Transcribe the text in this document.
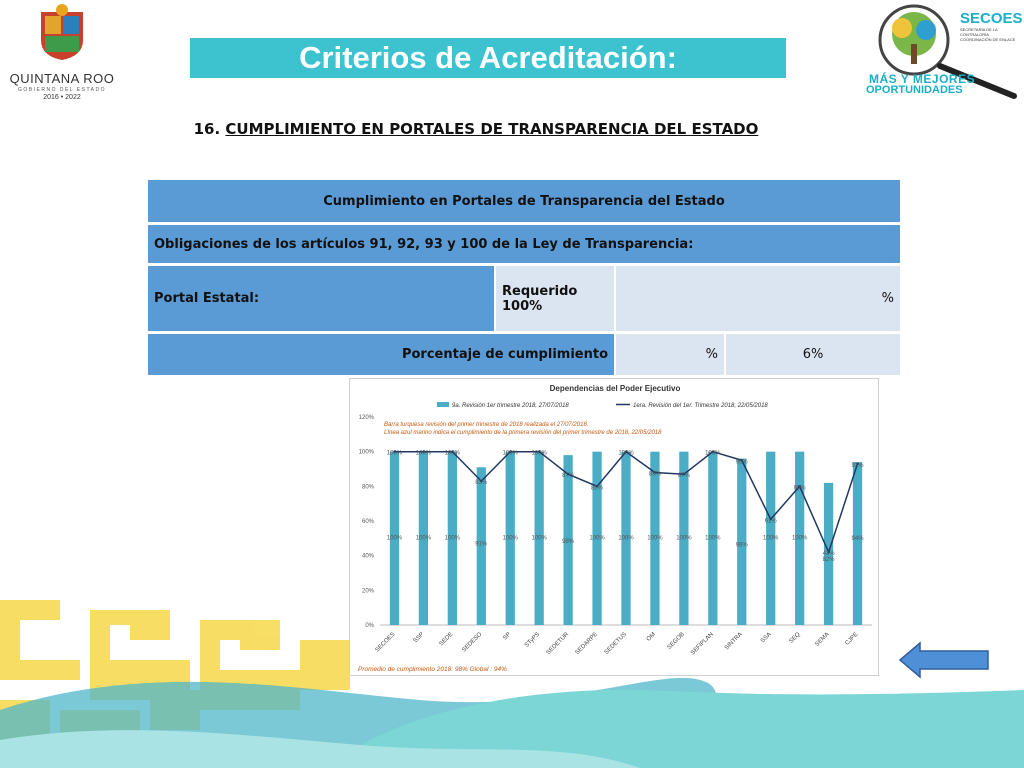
QUINTANA ROO
GOBIERNO DEL ESTADO
2016 • 2022
Criterios de Acreditación:
SECOES
SECRETARÍA DE LA CONTRALORÍA
COORDINACIÓN DE ENLACE
MÁS Y MEJORES
OPORTUNIDADES
16. CUMPLIMIENTO EN PORTALES DE TRANSPARENCIA DEL ESTADO
Cumplimiento en Portales de Transparencia del Estado
Obligaciones de los artículos 91, 92, 93 y 100 de la Ley de Transparencia:
Portal Estatal:	Requerido 100%	%
Porcentaje de cumplimiento	%	6%
Dependencias del Poder Ejecutivo
9a. Revisión 1er trimestre 2018, 27/07/2018	1era. Revisión del 1er. Trimestre 2018, 22/05/2018
0%
20%
40%
60%
80%
100%
120%
Barra turquesa revisión del primer trimestre de 2018 realizada el 27/07/2018.
Línea azul marino indica el cumplimiento de la primera revisión del primer trimestre de 2018, 22/05/2018
100%
SECOES
100%
SSP
100%
SEDE
91%
SEDESO
100%
SP
100%
STyPS
98%
SEDETUR
100%
SEDARPE
100%
SEDETUS
100%
OM
100%
SEGOB
100%
SEFIPLAN
96%
SINTRA
100%
SSA
100%
SEQ
82%
SEMA
94%
CJPE
100% 100% 100%
83%
100% 100%
87%
80%
100%
88%	87%
100%
95%
61%
80%
42%
93%
Promedio de cumplimiento 2018: 98% Global : 94%
